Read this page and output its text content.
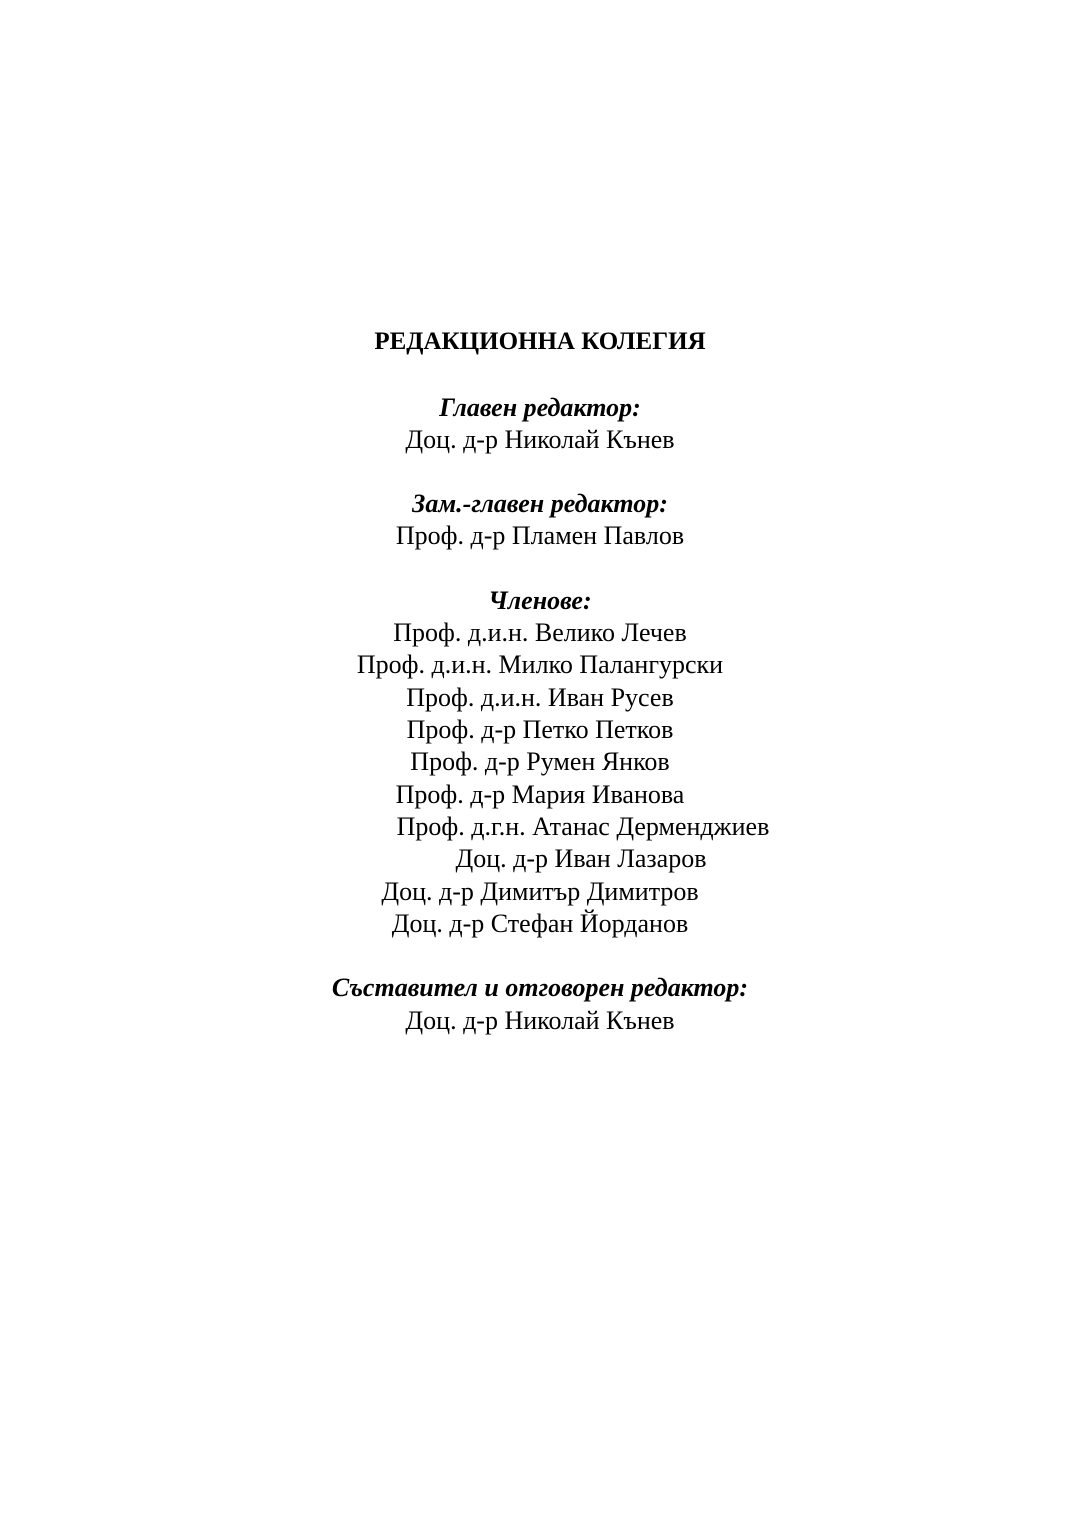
РЕДАКЦИОННА КОЛЕГИЯ
Главен редактор:
Доц. д-р Николай Кънев
Зам.-главен редактор:
Проф. д-р Пламен Павлов
Членове:
Проф. д.и.н. Велико Лечев
Проф. д.и.н. Милко Палангурски
Проф. д.и.н. Иван Русев
Проф. д-р Петко Петков
Проф. д-р Румен Янков
Проф. д-р Мария Иванова
Проф. д.г.н. Атанас Дерменджиев
Доц. д-р Иван Лазаров
Доц. д-р Димитър Димитров
Доц. д-р Стефан Йорданов
Съставител и отговорен редактор:
Доц. д-р Николай Кънев
